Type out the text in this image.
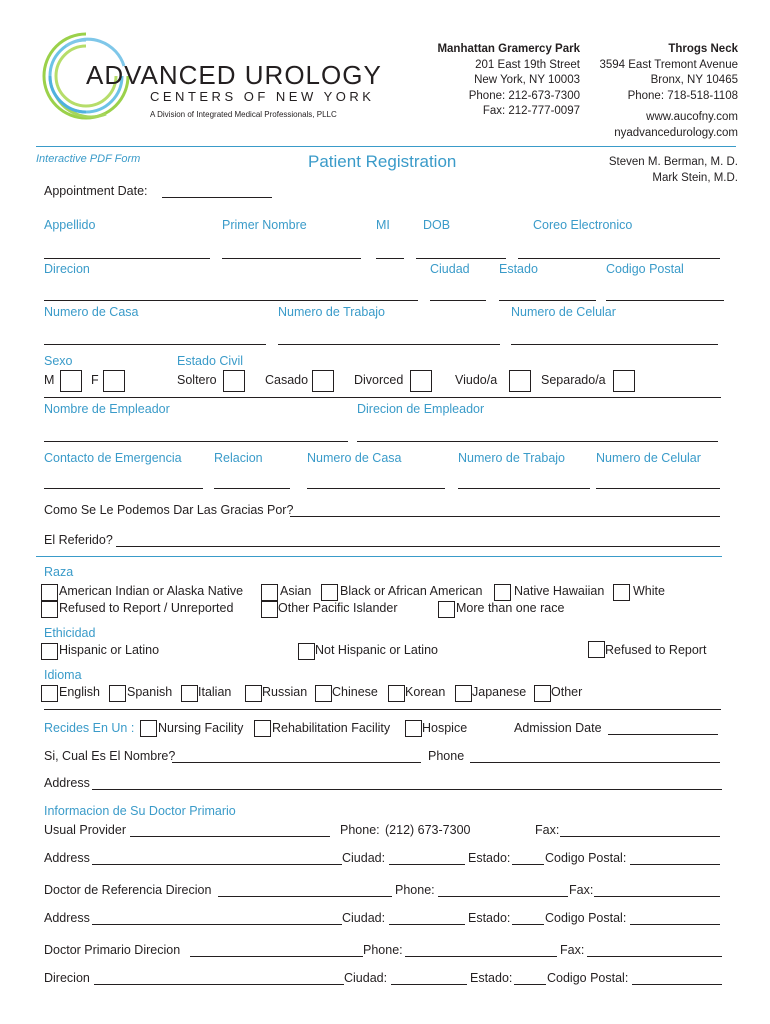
ADVANCED UROLOGY
CENTERS OF NEW YORK
A Division of Integrated Medical Professionals, PLLC
Manhattan Gramercy Park
201 East 19th Street
New York, NY 10003
Phone: 212-673-7300
Fax: 212-777-0097
Throgs Neck
3594 East Tremont Avenue
Bronx, NY 10465
Phone: 718-518-1108
www.aucofny.com
nyadvancedurology.com
Interactive PDF Form	Patient Registration	Steven M. Berman, M. D.
Mark Stein, M.D.
Appointment Date:
Appellido	Primer Nombre	MI	DOB	Coreo Electronico
Direcion	Ciudad Estado	Codigo Postal
Numero de Casa	Numero de Trabajo	Numero de Celular
Sexo	Estado Civil
M	F	Soltero	Casado	Divorced	Viudo/a	Separado/a
Nombre de Empleador	Direcion de Empleador
Contacto de Emergencia	Relacion	Numero de Casa	Numero de Trabajo Numero de Celular
Como Se Le Podemos Dar Las Gracias Por?
El Referido?
Raza
American Indian or Alaska Native	Asian Black or African American	Native Hawaiian White
Refused to Report / Unreported	Other Pacific Islander	More than one race
Ethicidad
Hispanic or Latino	Not Hispanic or Latino	Refused to Report
Idioma
English Spanish Italian Russian Chinese Korean Japanese Other
Recides En Un : Nursing Facility Rehabilitation Facility	Hospice	Admission Date
Si, Cual Es El Nombre?	Phone
Address
Informacion de Su Doctor Primario
Usual Provider	Phone: (212) 673-7300	Fax:
Address	Ciudad:	Estado:	Codigo Postal:
Doctor de Referencia Direcion	Phone:	Fax:
Address	Ciudad:	Estado:	Codigo Postal:
Doctor Primario Direcion	Phone:	Fax:
Direcion	Ciudad:	Estado:	Codigo Postal:
